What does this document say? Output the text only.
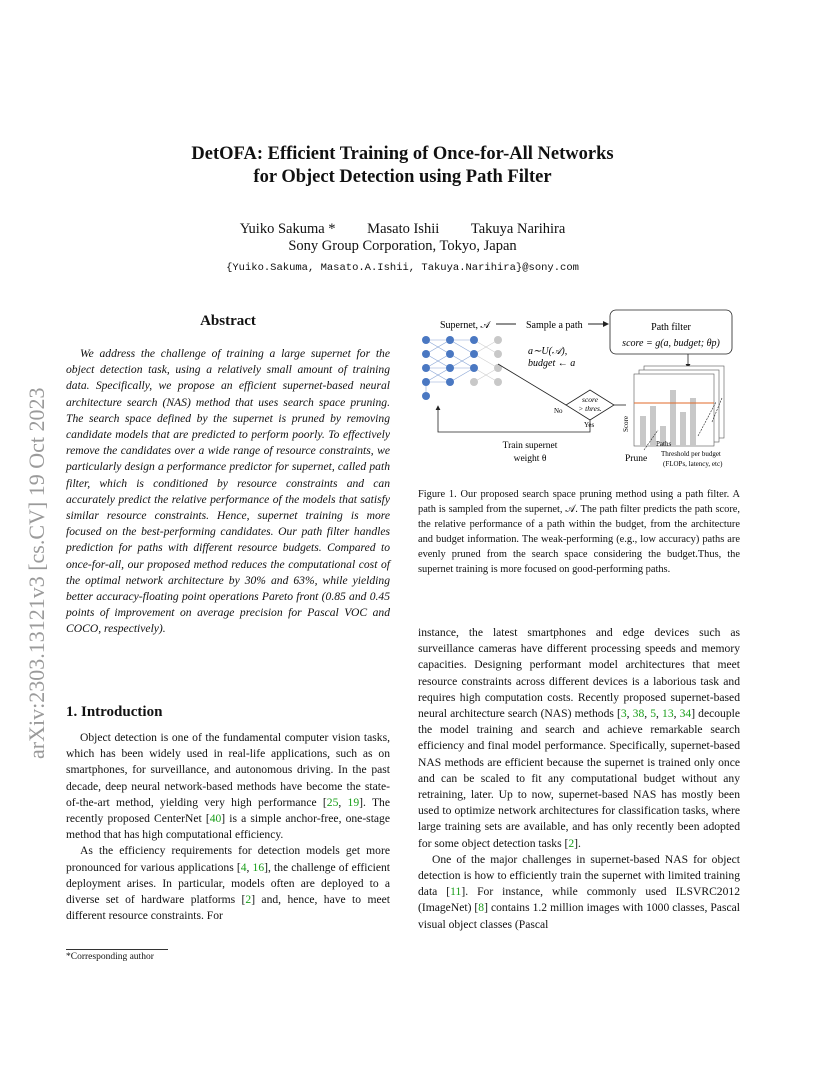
arXiv:2303.13121v3 [cs.CV] 19 Oct 2023
DetOFA: Efficient Training of Once-for-All Networks
for Object Detection using Path Filter
Yuiko Sakuma * Masato Ishii Takuya Narihira
Sony Group Corporation, Tokyo, Japan
{Yuiko.Sakuma, Masato.A.Ishii, Takuya.Narihira}@sony.com
Abstract
We address the challenge of training a large supernet for the object detection task, using a relatively small amount of training data. Specifically, we propose an efficient supernet-based neural architecture search (NAS) method that uses search space pruning. The search space defined by the supernet is pruned by removing candidate models that are predicted to perform poorly. To effectively remove the candidates over a wide range of resource constraints, we particularly design a performance predictor for supernet, called path filter, which is conditioned by resource constraints and can accurately predict the relative performance of the models that satisfy similar resource constraints. Hence, supernet training is more focused on the best-performing candidates. Our path filter handles prediction for paths with different resource budgets. Compared to once-for-all, our proposed method reduces the computational cost of the optimal network architecture by 30% and 63%, while yielding better accuracy-floating point operations Pareto front (0.85 and 0.45 points of improvement on average precision for Pascal VOC and COCO, respectively).
1. Introduction

Object detection is one of the fundamental computer vision tasks, which has been widely used in real-life applications, such as on smartphones, for surveillance, and autonomous driving. In the past decade, deep neural network-based methods have become the state-of-the-art method, yielding very high performance [25, 19]. The recently proposed CenterNet [40] is a simple anchor-free, one-stage method that has high computational efficiency.

As the efficiency requirements for detection models get more pronounced for various applications [4, 16], the challenge of efficient deployment arises. In particular, models often are deployed to a diverse set of hardware platforms [2] and, hence, have to meet different resource constraints. For

*Corresponding author
Supernet, 𝒜	Sample a path
a∼U(𝒜),
budget ← a
Path filter
score = g(a, budget; θp)
score
> thres.
No
Yes
Train supernet
weight θ
Score
Paths
Prune Threshold per budget
(FLOPs, latency, etc)
Figure 1. Our proposed search space pruning method using a path filter. A path is sampled from the supernet, 𝒜. The path filter predicts the path score, the relative performance of a path within the budget, from the architecture and budget information. The weak-performing (e.g., low accuracy) paths are evenly pruned from the search space considering the budget.Thus, the supernet training is more focused on good-performing paths.

instance, the latest smartphones and edge devices such as surveillance cameras have different processing speeds and memory capacities. Designing performant model architectures that meet resource constraints across different devices is a laborious task and requires high computation costs. Recently proposed supernet-based neural architecture search (NAS) methods [3, 38, 5, 13, 34] decouple the model training and search and achieve remarkable search efficiency and final model performance. Specifically, supernet-based NAS methods are efficient because the supernet is trained only once and can be scaled to fit any computational budget without any retraining, later. Up to now, supernet-based NAS has mostly been used to optimize network architectures for classification tasks, where large training sets are available, and has only recently been adopted for some object detection tasks [2].

One of the major challenges in supernet-based NAS for object detection is how to efficiently train the supernet with limited training data [11]. For instance, while commonly used ILSVRC2012 (ImageNet) [8] contains 1.2 million images with 1000 classes, Pascal visual object classes (Pascal
